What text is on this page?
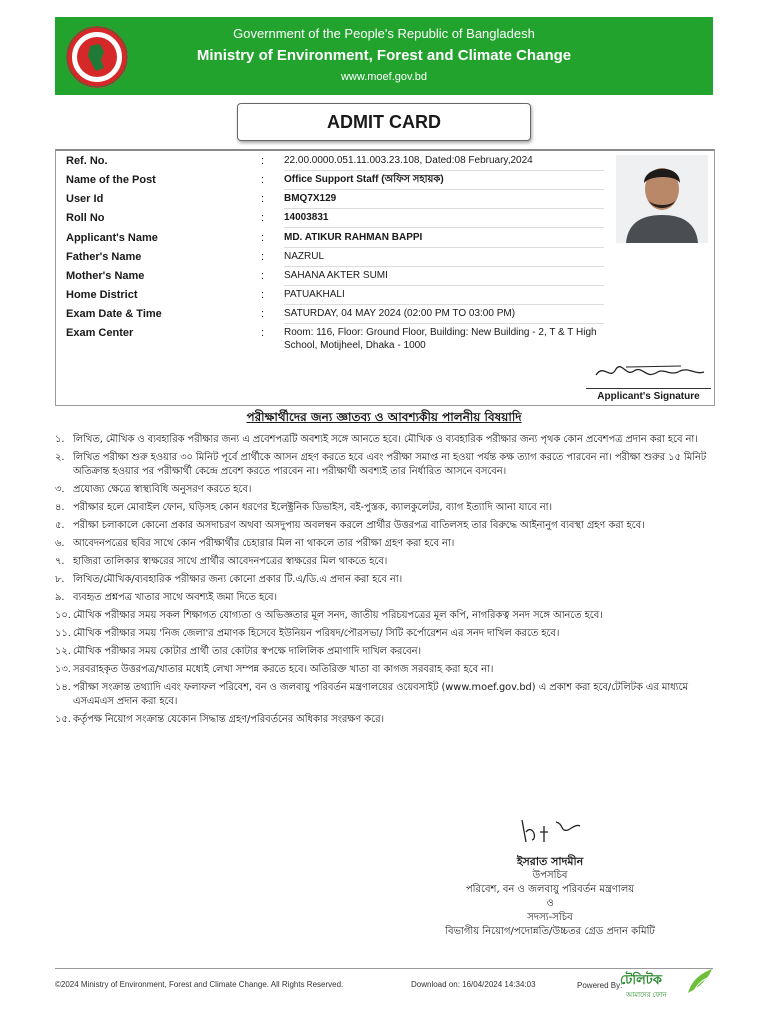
Government of the People's Republic of Bangladesh
Ministry of Environment, Forest and Climate Change
www.moef.gov.bd
ADMIT CARD
Ref. No.	: 22.00.0000.051.11.003.23.108, Dated:08 February,2024
Name of the Post	: Office Support Staff (অফিস সহায়ক)
User Id	: BMQ7X129
Roll No	: 14003831
Applicant's Name	: MD. ATIKUR RAHMAN BAPPI
Father's Name	: NAZRUL
Mother's Name	: SAHANA AKTER SUMI
Home District	: PATUAKHALI
Exam Date & Time	: SATURDAY, 04 MAY 2024 (02:00 PM TO 03:00 PM)
Exam Center	: Room: 116, Floor: Ground Floor, Building: New Building - 2, T & T High School, Motijheel, Dhaka - 1000
Applicant's Signature
পরীক্ষার্থীদের জন্য জ্ঞাতব্য ও আবশ্যকীয় পালনীয় বিষয়াদি
১. লিখিত, মৌখিক ও ব্যবহারিক পরীক্ষার জন্য এ প্রবেশপত্রটি অবশ্যই সঙ্গে আনতে হবে। মৌখিক ও ব্যবহারিক পরীক্ষার জন্য পৃথক কোন প্রবেশপত্র প্রদান করা হবে না।
২. লিখিত পরীক্ষা শুরু হওয়ার ৩০ মিনিট পূর্বে প্রার্থীকে আসন গ্রহণ করতে হবে এবং পরীক্ষা সমাপ্ত না হওয়া পর্যন্ত কক্ষ ত্যাগ করতে পারবেন না। পরীক্ষা শুরুর ১৫ মিনিট অতিক্রান্ত হওয়ার পর পরীক্ষার্থী কেন্দ্রে প্রবেশ করতে পারবেন না। পরীক্ষার্থী অবশ্যই তার নির্ধারিত আসনে বসবেন।
৩. প্রযোজ্য ক্ষেত্রে স্বাস্থ্যবিধি অনুসরণ করতে হবে।
৪. পরীক্ষার হলে মোবাইল ফোন, ঘড়িসহ কোন ধরণের ইলেক্ট্রনিক ডিভাইস, বই-পুস্তক, ক্যালকুলেটর, ব্যাগ ইত্যাদি আনা যাবে না।
৫. পরীক্ষা চলাকালে কোনো প্রকার অসদাচরণ অথবা অসদুপায় অবলম্বন করলে প্রার্থীর উত্তরপত্র বাতিলসহ তার বিরুদ্ধে আইনানুগ ব্যবস্থা গ্রহণ করা হবে।
৬. আবেদনপত্রের ছবির সাথে কোন পরীক্ষার্থীর চেহারার মিল না থাকলে তার পরীক্ষা গ্রহণ করা হবে না।
৭. হাজিরা তালিকার স্বাক্ষরের সাথে প্রার্থীর আবেদনপত্রের স্বাক্ষরের মিল থাকতে হবে।
৮. লিখিত/মৌখিক/ব্যবহারিক পরীক্ষার জন্য কোনো প্রকার টি.এ/ডি.এ প্রদান করা হবে না।
৯. ব্যবহৃত প্রশ্নপত্র খাতার সাথে অবশ্যই জমা দিতে হবে।
১০. মৌখিক পরীক্ষার সময় সকল শিক্ষাগত যোগ্যতা ও অভিজ্ঞতার মূল সনদ, জাতীয় পরিচয়পত্রের মূল কপি, নাগরিকত্ব সনদ সঙ্গে আনতে হবে।
১১. মৌখিক পরীক্ষার সময় 'নিজ জেলা'র প্রমাণক হিসেবে ইউনিয়ন পরিষদ/পৌরসভা/ সিটি কর্পোরেশন এর সনদ দাখিল করতে হবে।
১২. মৌখিক পরীক্ষার সময় কোটার প্রার্থী তার কোটার স্বপক্ষে দালিলিক প্রমাণাদি দাখিল করবেন।
১৩. সরবরাহকৃত উত্তরপত্র/খাতার মধ্যেই লেখা সম্পন্ন করতে হবে। অতিরিক্ত খাতা বা কাগজ সরবরাহ করা হবে না।
১৪. পরীক্ষা সংক্রান্ত তথ্যাদি এবং ফলাফল পরিবেশ, বন ও জলবায়ু পরিবর্তন মন্ত্রণালয়ের ওয়েবসাইট (www.moef.gov.bd) এ প্রকাশ করা হবে/টেলিটক এর মাধ্যমে এসএমএস প্রদান করা হবে।
১৫. কর্তৃপক্ষ নিয়োগ সংক্রান্ত যেকোন সিদ্ধান্ত গ্রহণ/পরিবর্তনের অধিকার সংরক্ষণ করে।
ইসরাত সাদমীন
উপসচিব
পরিবেশ, বন ও জলবায়ু পরিবর্তন মন্ত্রণালয়
ও
সদস্য-সচিব
বিভাগীয় নিয়োগ/পদোন্নতি/উচ্চতর গ্রেড প্রদান কমিটি
©2024 Ministry of Environment, Forest and Climate Change. All Rights Reserved.	Download on: 16/04/2024 14:34:03	Powered By:
টেলিটক
আমাদের ফোন
